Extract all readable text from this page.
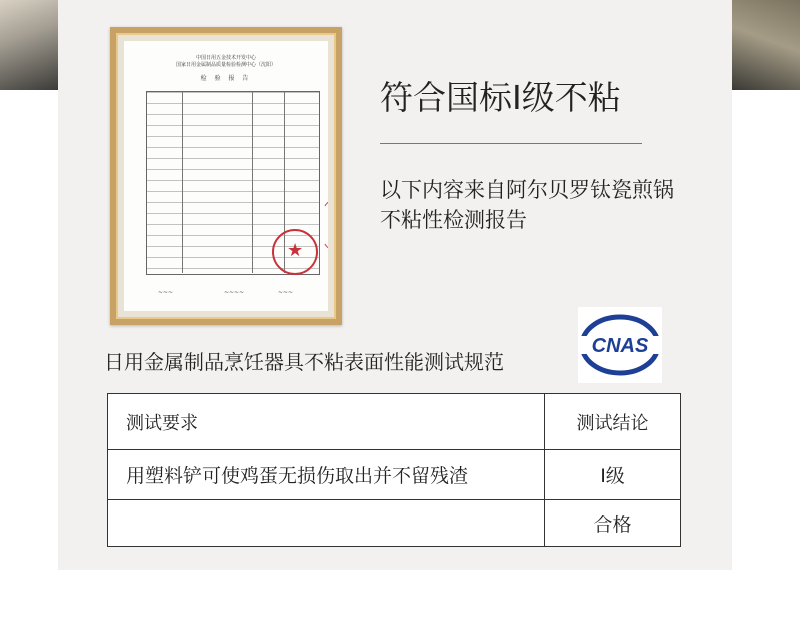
中国日用五金技术开发中心
国家日用金属制品质量检验检测中心（沈阳）
检 验 报 告
★
~~~	~~~~	~~~
符合国标I级不粘
以下内容来自阿尔贝罗钛瓷煎锅不粘性检测报告
CNAS
日用金属制品烹饪器具不粘表面性能测试规范
测试要求	测试结论
用塑料铲可使鸡蛋无损伤取出并不留残渣	I级
	合格
